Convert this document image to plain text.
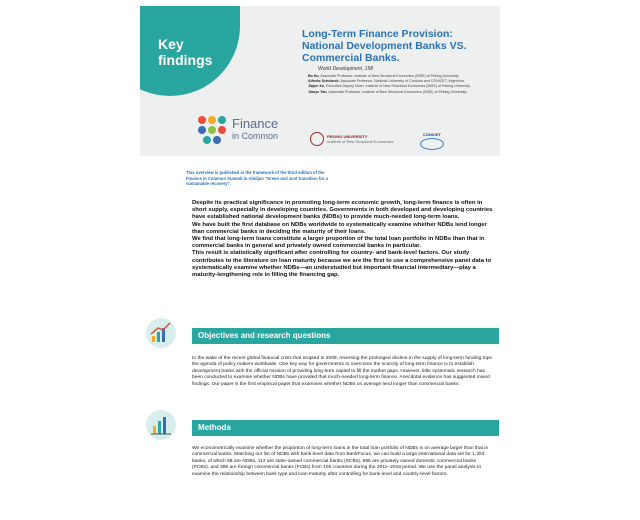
Key findings
Finance
in Common
Long-Term Finance Provision: National Development Banks VS. Commercial Banks.
World Development, 158
Bo Hu, Associate Professor, Institute of New Structural Economics (INSE) at Peking University.
Alfredo Schclarek, Associate Professor, National University of Córdoba and CONICET, Argentina.
Jiajun Xu, Executive Deputy Dean, Institute of New Structural Economics (INSE) at Peking University.
Jianye Yan, Associate Professor, Institute of New Structural Economics (INSE) at Peking University.
PEKING UNIVERSITY
Institute of New Structural Economics
CONICET
This overview is published in the framework of the third edition of the Finance in Common Summit in Abidjan "Green and Just transition for a sustainable recovery".

Despite its practical significance in promoting long-term economic growth, long-term finance is often in short supply, especially in developing countries. Governments in both developed and developing countries have established national development banks (NDBs) to provide much-needed long-term loans.

We have built the first database on NDBs worldwide to systematically examine whether NDBs lend longer than commercial banks in deciding the maturity of their loans.

We find that long-term loans constitute a larger proportion of the total loan portfolio in NDBs than that in commercial banks in general and privately owned commercial banks in particular.

This result is statistically significant after controlling for country- and bank-level factors. Our study contributes to the literature on loan maturity because we are the first to use a comprehensive panel data to systematically examine whether NDBs—an understudied but important financial intermediary—play a maturity-lengthening role in filling the financing gap.

Objectives and research questions
In the wake of the recent global financial crisis that erupted in 2008, reversing the prolonged decline in the supply of long-term funding tops the agenda of policy makers worldwide. One key way for governments to overcome the scarcity of long-term finance is to establish development banks with the official mission of providing long-term capital to fill the market gaps. However, little systematic research has been conducted to examine whether NDBs have provided that much-needed long-term finance. Anecdotal evidence has suggested mixed findings. Our paper is the first empirical paper that examines whether NDBs on average lend longer than commercial banks.
Methods
We econometrically examine whether the proportion of long-term loans in the total loan portfolio of NDBs is on average larger than that in commercial banks. Matching our list of NDBs with bank-level data from BankFocus, we can build a large international data set for 1,253 banks, of which 58 are NDBs, 112 are state-owned commercial banks (SCBs), 695 are privately owned domestic commercial banks (PCBs), and 388 are foreign commercial banks (FCBs) from 106 countries during the 2011–2018 period. We use the panel analysis to examine the relationship between bank type and loan maturity after controlling for bank-level and country-level factors.
